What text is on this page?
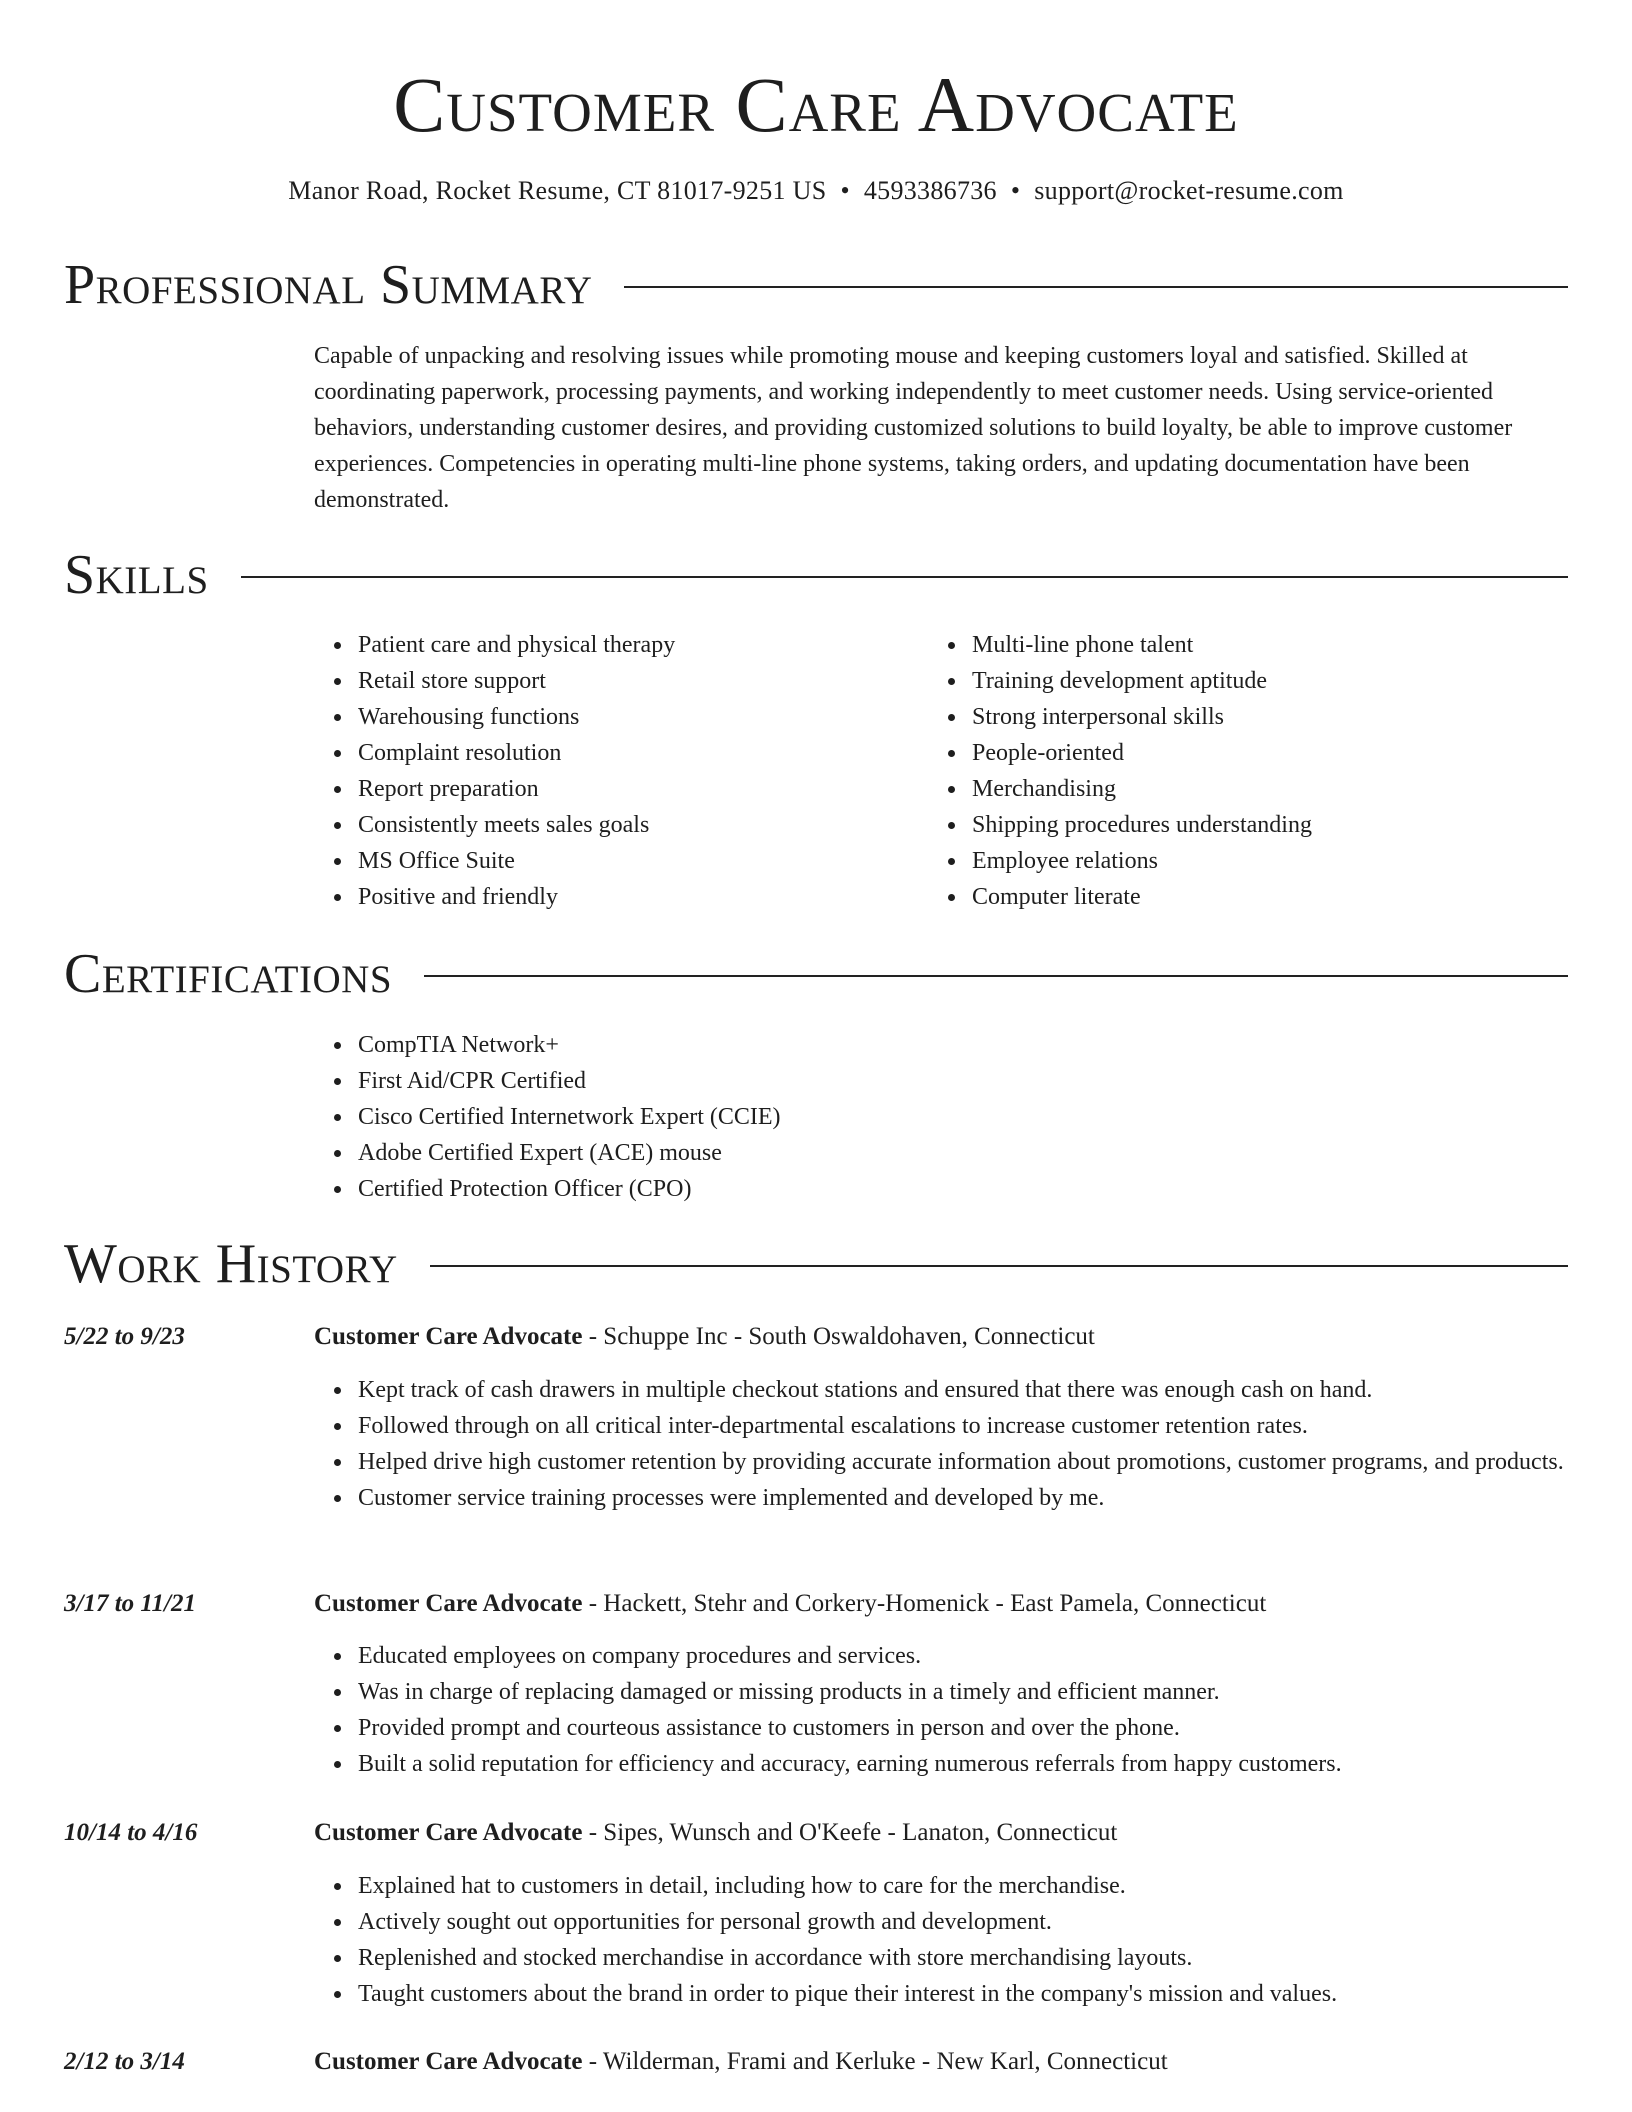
Customer Care Advocate
Manor Road, Rocket Resume, CT 81017-9251 US • 4593386736 • support@rocket-resume.com
Professional Summary

Capable of unpacking and resolving issues while promoting mouse and keeping customers loyal and satisfied. Skilled at coordinating paperwork, processing payments, and working independently to meet customer needs. Using service-oriented behaviors, understanding customer desires, and providing customized solutions to build loyalty, be able to improve customer experiences. Competencies in operating multi-line phone systems, taking orders, and updating documentation have been demonstrated.

Skills
Patient care and physical therapy
Retail store support
Warehousing functions
Complaint resolution
Report preparation
Consistently meets sales goals
MS Office Suite
Positive and friendly
Multi-line phone talent
Training development aptitude
Strong interpersonal skills
People-oriented
Merchandising
Shipping procedures understanding
Employee relations
Computer literate
Certifications
CompTIA Network+
First Aid/CPR Certified
Cisco Certified Internetwork Expert (CCIE)
Adobe Certified Expert (ACE) mouse
Certified Protection Officer (CPO)
Work History
5/22 to 9/23	Customer Care Advocate - Schuppe Inc - South Oswaldohaven, Connecticut
Kept track of cash drawers in multiple checkout stations and ensured that there was enough cash on hand.
Followed through on all critical inter-departmental escalations to increase customer retention rates.
Helped drive high customer retention by providing accurate information about promotions, customer programs, and products.
Customer service training processes were implemented and developed by me.
3/17 to 11/21	Customer Care Advocate - Hackett, Stehr and Corkery-Homenick - East Pamela, Connecticut
Educated employees on company procedures and services.
Was in charge of replacing damaged or missing products in a timely and efficient manner.
Provided prompt and courteous assistance to customers in person and over the phone.
Built a solid reputation for efficiency and accuracy, earning numerous referrals from happy customers.
10/14 to 4/16	Customer Care Advocate - Sipes, Wunsch and O'Keefe - Lanaton, Connecticut
Explained hat to customers in detail, including how to care for the merchandise.
Actively sought out opportunities for personal growth and development.
Replenished and stocked merchandise in accordance with store merchandising layouts.
Taught customers about the brand in order to pique their interest in the company's mission and values.
2/12 to 3/14	Customer Care Advocate - Wilderman, Frami and Kerluke - New Karl, Connecticut
